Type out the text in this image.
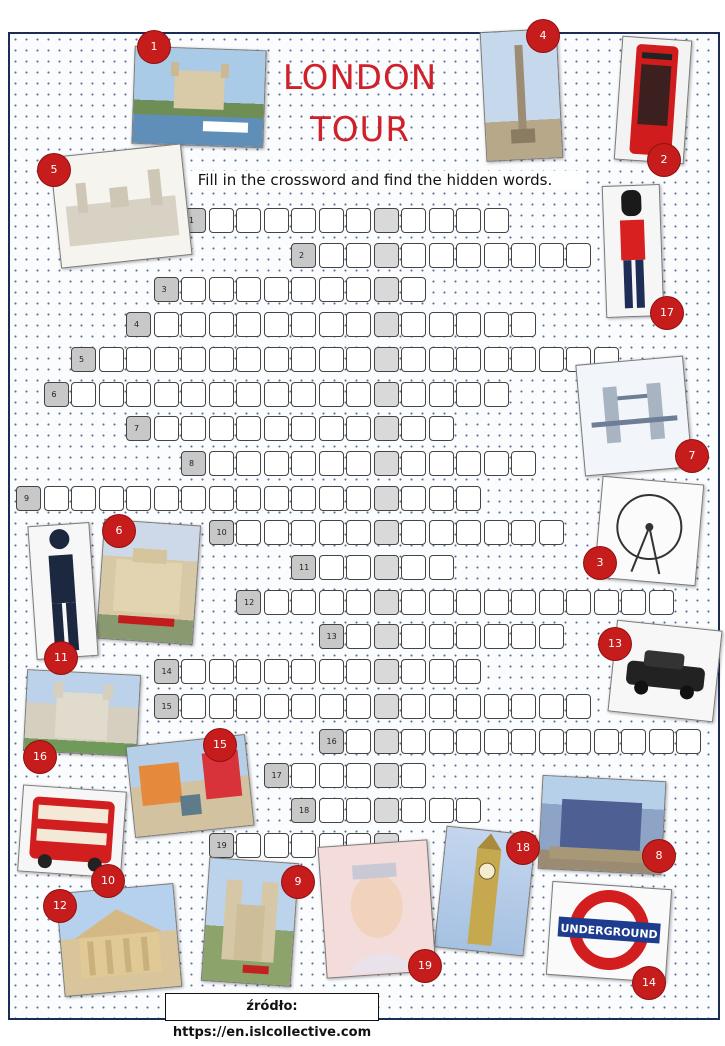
LONDON
TOUR
Fill in the crossword and find the hidden words.
1
2
3
4
5
6
7
8
9
10
11
12
13
14
15
16
17
18
19
UNDERGROUND
1
4
2
5
17
7
3
6
11
13
16
15
8
10
18
9
12
19
14
źródło: https://en.islcollective.com
